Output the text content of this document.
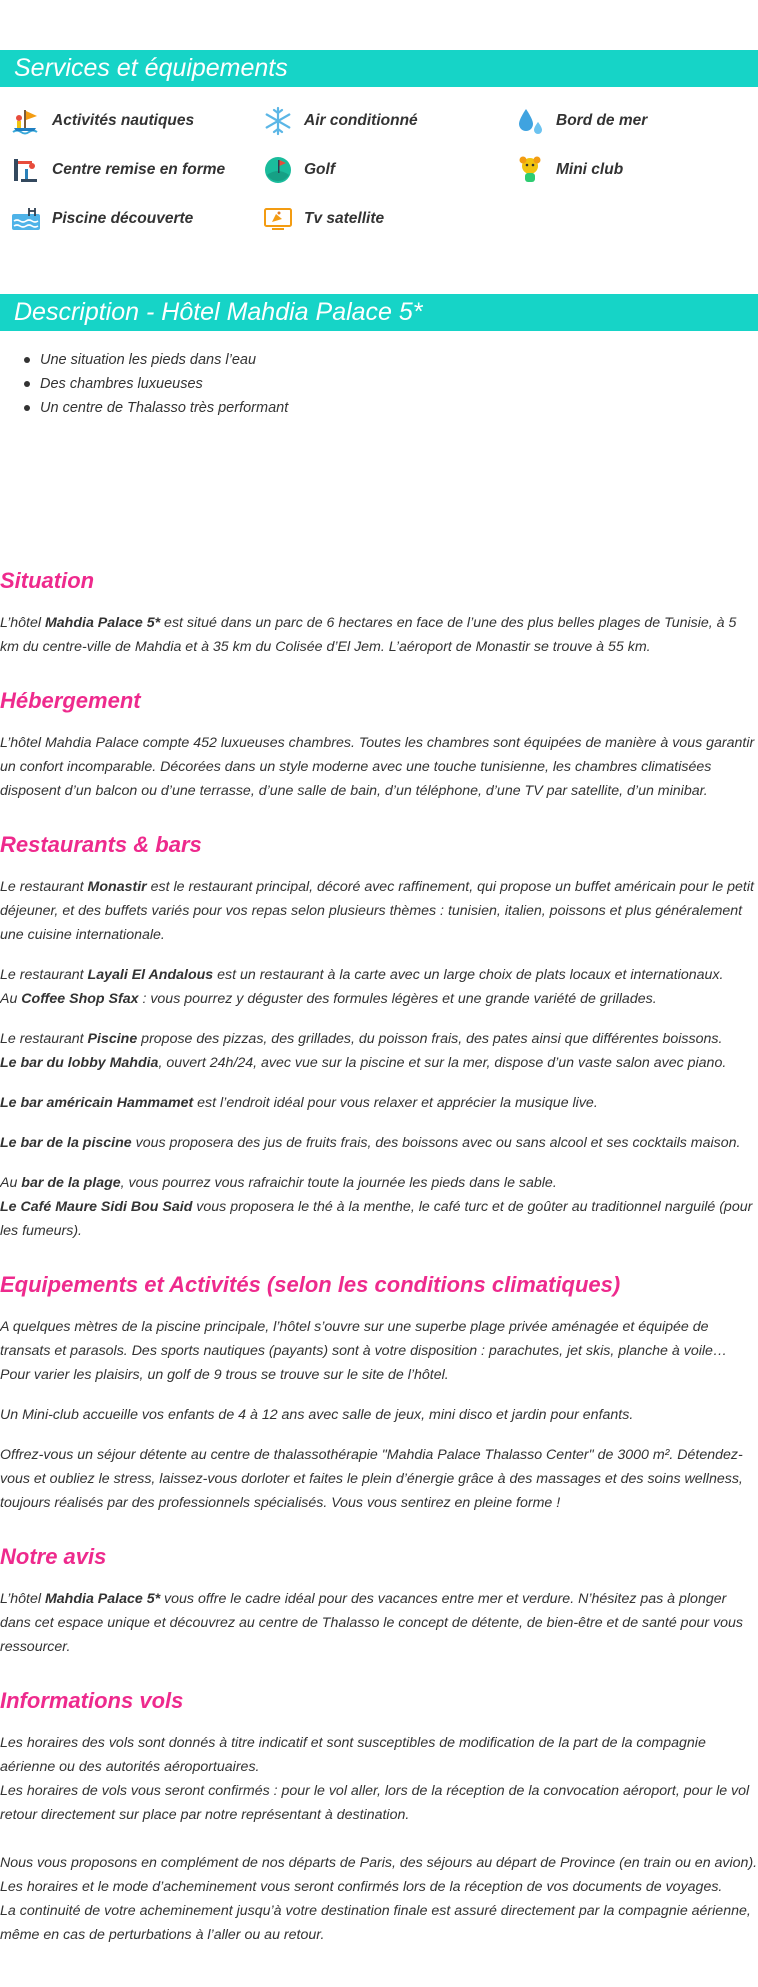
Services et équipements
Activités nautiques	Air conditionné	Bord de mer
Centre remise en forme	Golf	Mini club
Piscine découverte	Tv satellite
Description - Hôtel Mahdia Palace 5*
Une situation les pieds dans l’eau
Des chambres luxueuses
Un centre de Thalasso très performant
Situation

L’hôtel Mahdia Palace 5* est situé dans un parc de 6 hectares en face de l’une des plus belles plages de Tunisie, à 5 km du centre-ville de Mahdia et à 35 km du Colisée d’El Jem. L’aéroport de Monastir se trouve à 55 km.

Hébergement

L’hôtel Mahdia Palace compte 452 luxueuses chambres. Toutes les chambres sont équipées de manière à vous garantir un confort incomparable. Décorées dans un style moderne avec une touche tunisienne, les chambres climatisées disposent d’un balcon ou d’une terrasse, d’une salle de bain, d’un téléphone, d’une TV par satellite, d’un minibar.

Restaurants & bars

Le restaurant Monastir est le restaurant principal, décoré avec raffinement, qui propose un buffet américain pour le petit déjeuner, et des buffets variés pour vos repas selon plusieurs thèmes : tunisien, italien, poissons et plus généralement une cuisine internationale.

Le restaurant Layali El Andalous est un restaurant à la carte avec un large choix de plats locaux et internationaux.
Au Coffee Shop Sfax : vous pourrez y déguster des formules légères et une grande variété de grillades.

Le restaurant Piscine propose des pizzas, des grillades, du poisson frais, des pates ainsi que différentes boissons.
Le bar du lobby Mahdia, ouvert 24h/24, avec vue sur la piscine et sur la mer, dispose d’un vaste salon avec piano.

Le bar américain Hammamet est l’endroit idéal pour vous relaxer et apprécier la musique live.

Le bar de la piscine vous proposera des jus de fruits frais, des boissons avec ou sans alcool et ses cocktails maison.

Au bar de la plage, vous pourrez vous rafraichir toute la journée les pieds dans le sable.
Le Café Maure Sidi Bou Said vous proposera le thé à la menthe, le café turc et de goûter au traditionnel narguilé (pour les fumeurs).

Equipements et Activités (selon les conditions climatiques)

A quelques mètres de la piscine principale, l’hôtel s’ouvre sur une superbe plage privée aménagée et équipée de transats et parasols. Des sports nautiques (payants) sont à votre disposition : parachutes, jet skis, planche à voile… Pour varier les plaisirs, un golf de 9 trous se trouve sur le site de l’hôtel.

Un Mini-club accueille vos enfants de 4 à 12 ans avec salle de jeux, mini disco et jardin pour enfants.

Offrez-vous un séjour détente au centre de thalassothérapie "Mahdia Palace Thalasso Center" de 3000 m². Détendez-vous et oubliez le stress, laissez-vous dorloter et faites le plein d’énergie grâce à des massages et des soins wellness, toujours réalisés par des professionnels spécialisés. Vous vous sentirez en pleine forme !

Notre avis

L’hôtel Mahdia Palace 5* vous offre le cadre idéal pour des vacances entre mer et verdure. N’hésitez pas à plonger dans cet espace unique et découvrez au centre de Thalasso le concept de détente, de bien-être et de santé pour vous ressourcer.

Informations vols

Les horaires des vols sont donnés à titre indicatif et sont susceptibles de modification de la part de la compagnie aérienne ou des autorités aéroportuaires.
Les horaires de vols vous seront confirmés : pour le vol aller, lors de la réception de la convocation aéroport, pour le vol retour directement sur place par notre représentant à destination.

Nous vous proposons en complément de nos départs de Paris, des séjours au départ de Province (en train ou en avion).
Les horaires et le mode d’acheminement vous seront confirmés lors de la réception de vos documents de voyages.
La continuité de votre acheminement jusqu’à votre destination finale est assuré directement par la compagnie aérienne, même en cas de perturbations à l’aller ou au retour.
